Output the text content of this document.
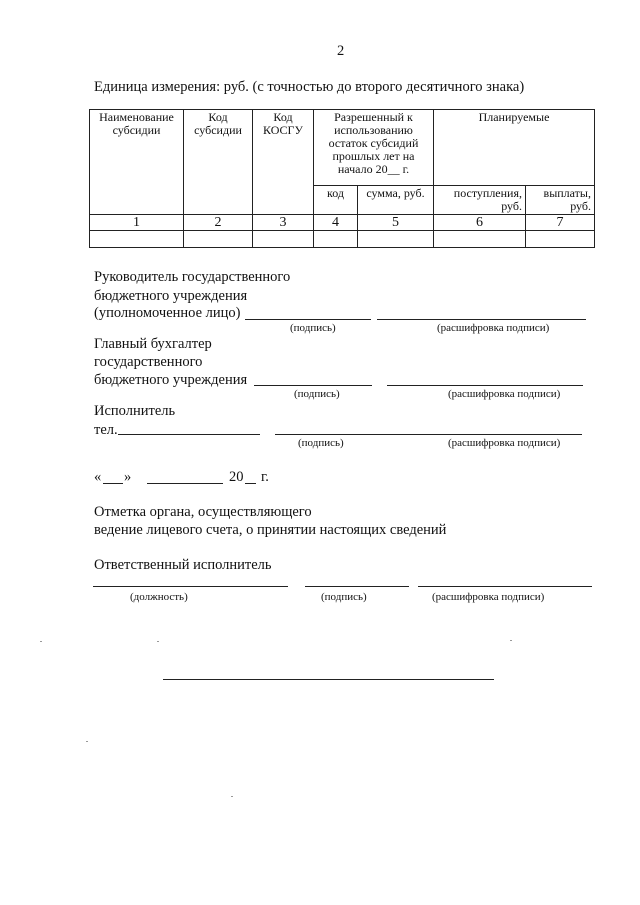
2
Единица измерения: руб. (с точностью до второго десятичного знака)
Наименование субсидии	Код субсидии	Код КОСГУ	Разрешенный к использованию остаток субсидий прошлых лет на начало 20__ г.		Планируемые	
			код	сумма, руб.	поступления, руб.	выплаты, руб.
1	2	3	4	5	6	7

Руководитель государственного
бюджетного учреждения
(уполномоченное лицо)
(подпись)	(расшифровка подписи)
Главный бухгалтер
государственного
бюджетного учреждения
(подпись)	(расшифровка подписи)
Исполнитель
тел.
(подпись)	(расшифровка подписи)
« »	20 г.
Отметка органа, осуществляющего
ведение лицевого счета, о принятии настоящих сведений
Ответственный исполнитель
(должность)	(подпись)	(расшифровка подписи)
